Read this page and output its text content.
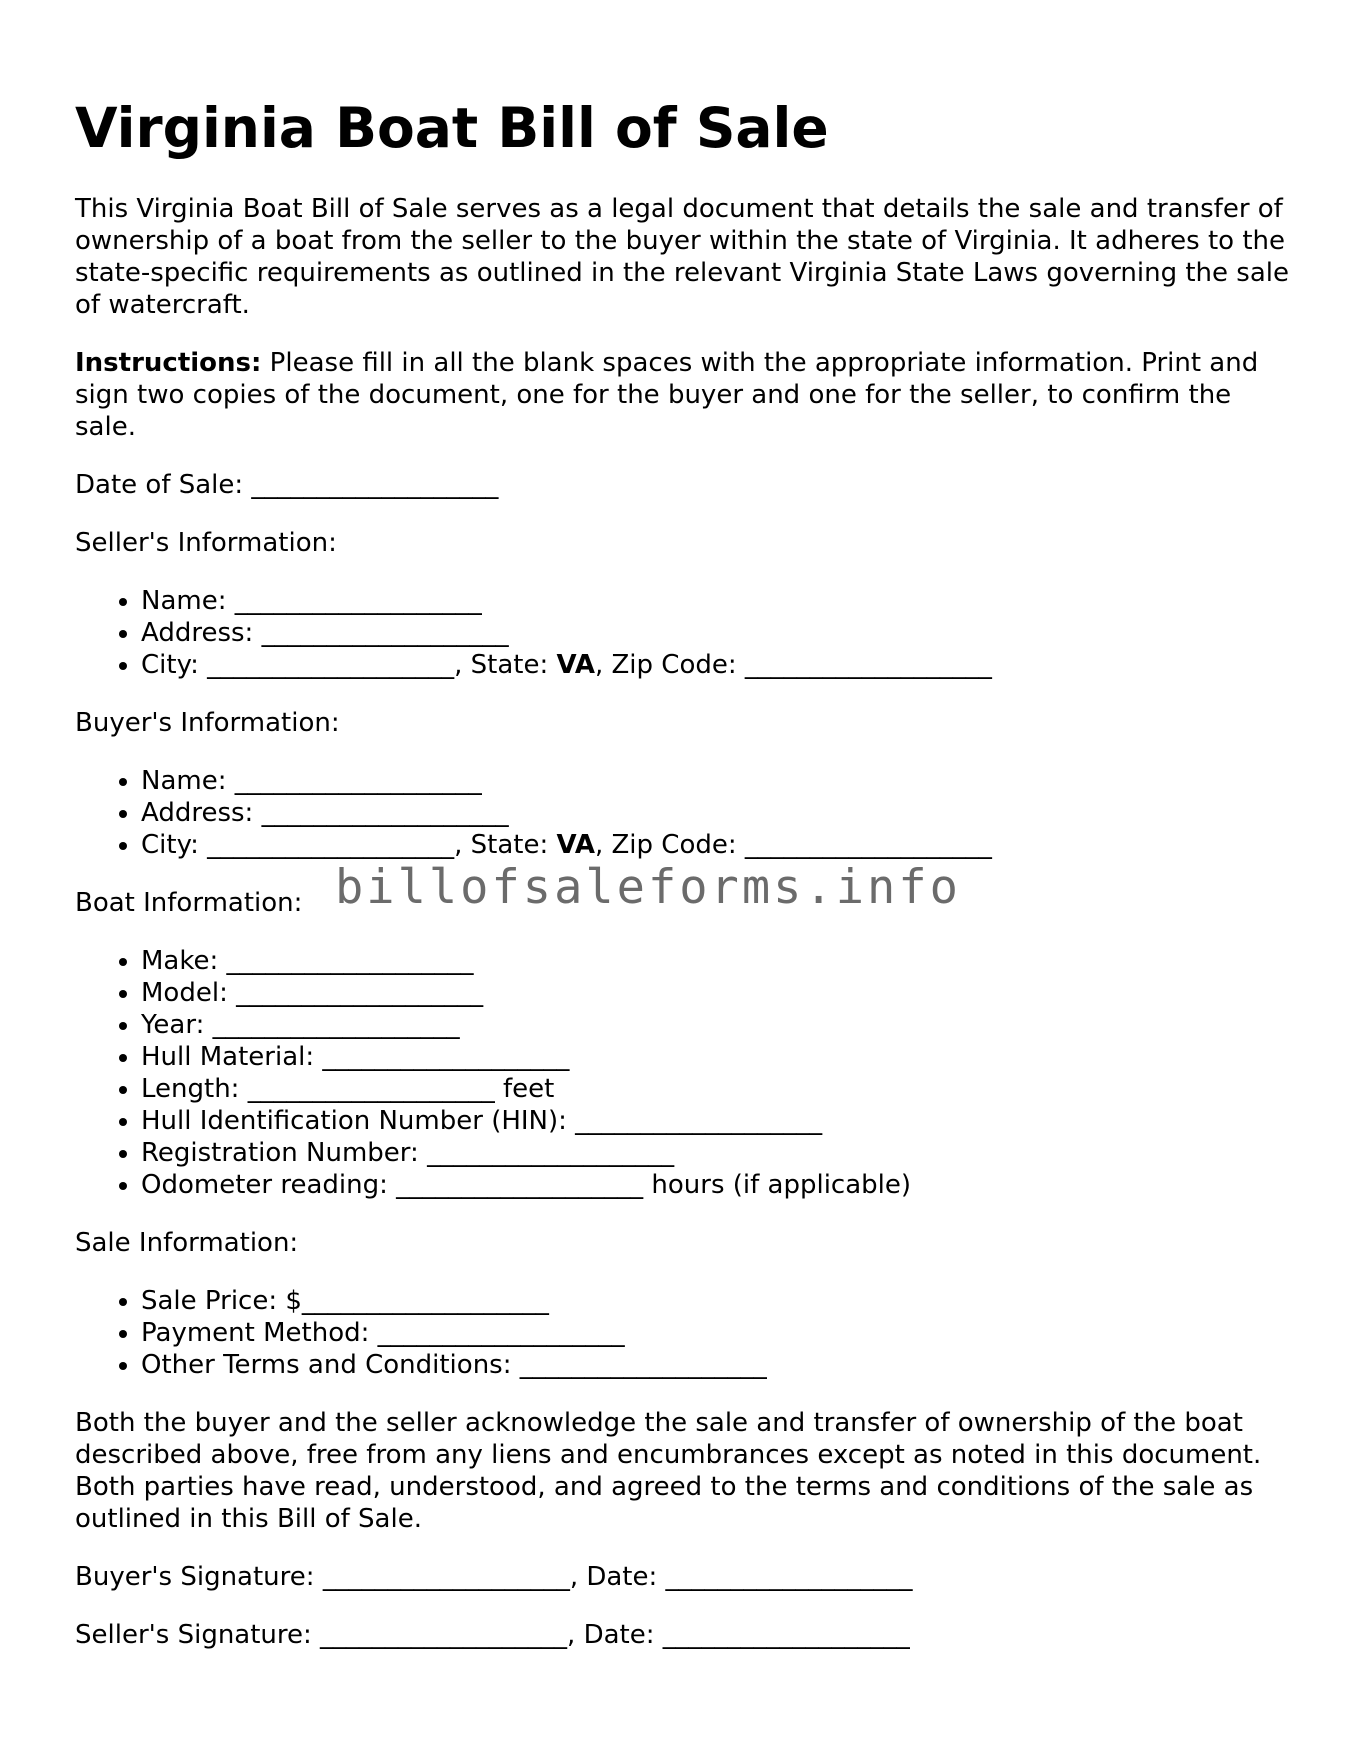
Virginia Boat Bill of Sale

This Virginia Boat Bill of Sale serves as a legal document that details the sale and transfer of ownership of a boat from the seller to the buyer within the state of Virginia. It adheres to the state-specific requirements as outlined in the relevant Virginia State Laws governing the sale of watercraft.

Instructions: Please fill in all the blank spaces with the appropriate information. Print and sign two copies of the document, one for the buyer and one for the seller, to confirm the sale.

Date of Sale: ___________________

Seller's Information:

• Name: ___________________
• Address: ___________________
• City: ___________________, State: VA, Zip Code: ___________________

Buyer's Information:

• Name: ___________________
• Address: ___________________
• City: ___________________, State: VA, Zip Code: ___________________

Boat Information:

• Make: ___________________
• Model: ___________________
• Year: ___________________
• Hull Material: ___________________
• Length: ___________________ feet
• Hull Identification Number (HIN): ___________________
• Registration Number: ___________________
• Odometer reading: ___________________ hours (if applicable)

Sale Information:

• Sale Price: $___________________
• Payment Method: ___________________
• Other Terms and Conditions: ___________________

Both the buyer and the seller acknowledge the sale and transfer of ownership of the boat described above, free from any liens and encumbrances except as noted in this document. Both parties have read, understood, and agreed to the terms and conditions of the sale as outlined in this Bill of Sale.

Buyer's Signature: ___________________, Date: ___________________

Seller's Signature: ___________________, Date: ___________________

billofsaleforms.info
